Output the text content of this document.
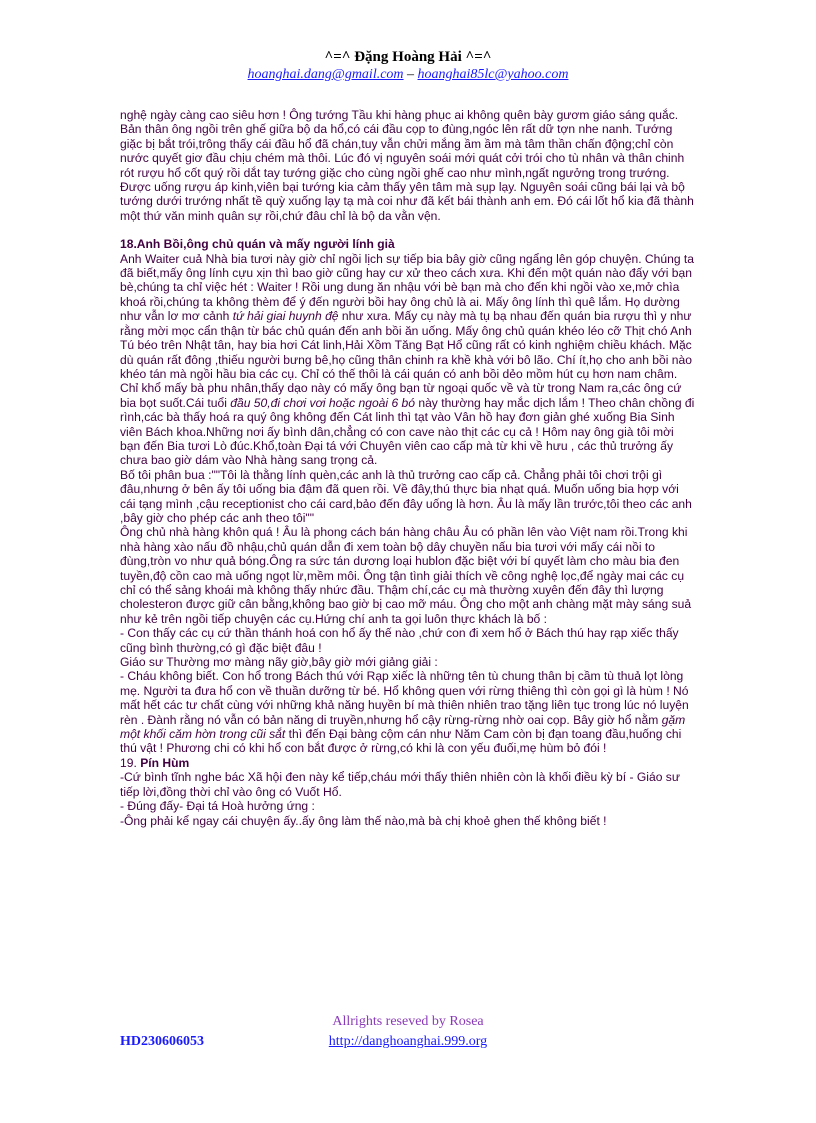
^=^ Đặng Hoàng Hải ^=^
hoanghai.dang@gmail.com – hoanghai85lc@yahoo.com

nghệ ngày càng cao siêu hơn ! Ông tướng Tầu khi hàng phục ai không quên bày gươm giáo sáng quắc. Bản thân ông ngồi trên ghế giữa bộ da hổ,có cái đầu cọp to đùng,ngóc lên rất dữ tợn nhe nanh. Tướng giặc bị bắt trói,trông thấy cái đầu hổ đã chán,tuy vẫn chửi mắng ầm ầm mà tâm thần chấn động;chỉ còn nước quyết giơ đầu chịu chém mà thôi. Lúc đó vị nguyên soái mới quát cởi trói cho tù nhân và thân chinh rót rượu hổ cốt quý rồi dắt tay tướng giặc cho cùng ngồi ghế cao như mình,ngất ngưởng trong trướng. Được uống rượu áp kinh,viên bại tướng kia cảm thấy yên tâm mà sụp lạy. Nguyên soái cũng bái lại và bộ tướng dưới trướng nhất tề quỳ xuống lạy tạ mà coi như đã kết bái thành anh em. Đó cái lốt hổ kia đã thành một thứ văn minh quân sự rồi,chứ đâu chỉ là bộ da vằn vện.

18.Anh Bồi,ông chủ quán và mấy người lính già

Anh Waiter cuả Nhà bia tươi này giờ chỉ ngồi lịch sự tiếp bia bây giờ cũng ngẩng lên góp chuyện. Chúng ta đã biết,mấy ông lính cựu xịn thì bao giờ cũng hay cư xử theo cách xưa. Khi đến một quán nào đấy với bạn bè,chúng ta chỉ việc hét : Waiter ! Rồi ung dung ăn nhậu với bè bạn mà cho đến khi ngồi vào xe,mở chìa khoá rồi,chúng ta không thèm để ý đến người bồi hay ông chủ là ai. Mấy ông lính thì quê lắm. Họ dường như vẫn lơ mơ cảnh tứ hải giai huynh đệ như xưa. Mấy cụ này mà tụ bạ nhau đến quán bia rượu thì y như rằng mời mọc cẩn thận từ bác chủ quán đến anh bồi ăn uống. Mấy ông chủ quán khéo léo cỡ Thịt chó Anh Tú béo trên Nhật tân, hay bia hơi Cát linh,Hải Xồm Tăng Bạt Hổ cũng rất có kinh nghiệm chiều khách. Mặc dù quán rất đông ,thiếu người bưng bê,họ cũng thân chinh ra khề khà với bô lão. Chí ít,họ cho anh bồi nào khéo tán mà ngồi hầu bia các cụ. Chỉ có thế thôi là cái quán có anh bồi dẻo mồm hút cụ hơn nam châm. Chỉ khổ mấy bà phu nhân,thấy dạo này có mấy ông bạn từ ngoại quốc về và từ trong Nam ra,các ông cứ bia bọt suốt.Cái tuổi đầu 50,đi chơi vơi hoặc ngoài 6 bó này thường hay mắc dịch lắm ! Theo chân chồng đi rình,các bà thấy hoá ra quý ông không đến Cát linh thì tạt vào Vân hồ hay đơn giản ghé xuống Bia Sinh viên Bách khoa.Những nơi ấy bình dân,chẳng có con cave nào thịt các cụ cả ! Hôm nay ông già tôi mời bạn đến Bia tươi Lò đúc.Khổ,toàn Đại tá với Chuyên viên cao cấp mà từ khi về hưu , các thủ trưởng ấy chưa bao giờ dám vào Nhà hàng sang trọng cả.

Bố tôi phân bua :""Tôi là thằng lính quèn,các anh là thủ trưởng cao cấp cả. Chẳng phải tôi chơi trội gì đâu,nhưng ở bên ấy tôi uống bia đậm đã quen rồi. Về đây,thú thực bia nhạt quá. Muốn uống bia hợp với cái tạng mình ,cậu receptionist cho cái card,bảo đến đây uống là hơn. Âu là mấy lần trước,tôi theo các anh ,bây giờ cho phép các anh theo tôi""

Ông chủ nhà hàng khôn quá ! Âu là phong cách bán hàng châu Âu có phần lên vào Việt nam rồi.Trong khi nhà hàng xào nấu đồ nhậu,chủ quán dẫn đi xem toàn bộ dây chuyền nấu bia tươi với mấy cái nồi to đùng,tròn vo như quả bóng.Ông ra sức tán dương loại hublon đặc biệt với bí quyết làm cho màu bia đen tuyền,độ cồn cao mà uống ngọt lừ,mềm môi. Ông tận tình giải thích về công nghệ lọc,để ngày mai các cụ chỉ có thể sảng khoái mà không thấy nhức đầu. Thậm chí,các cụ mà thường xuyên đến đây thì lượng cholesteron được giữ cân bằng,không bao giờ bị cao mỡ máu. Ông cho một anh chàng mặt mày sáng suả như kẻ trên ngồi tiếp chuyện các cụ.Hứng chí anh ta gọi luôn thực khách là bố :

- Con thấy các cụ cứ thần thánh hoá con hổ ấy thế nào ,chứ con đi xem hổ ở Bách thú hay rạp xiếc thấy cũng bình thường,có gì đặc biệt đâu !

Giáo sư Thường mơ màng nãy giờ,bây giờ mới giảng giải :

- Cháu không biết. Con hổ trong Bách thú với Rạp xiếc là những tên tù chung thân bị cầm tù thuả lọt lòng mẹ. Người ta đưa hổ con về thuần dưỡng từ bé. Hổ không quen với rừng thiêng thì còn gọi gì là hùm ! Nó mất hết các tư chất cùng với những khả năng huyền bí mà thiên nhiên trao tặng liên tục trong lúc nó luyện rèn . Đành rằng nó vẫn có bản năng di truyền,nhưng hổ cậy rừng-rừng nhờ oai cọp. Bây giờ hổ nằm gặm một khối căm hờn trong cũi sắt thì đến Đại bàng cộm cán như Năm Cam còn bị đạn toang đầu,huống chi thú vật ! Phương chi có khi hổ con bắt được ở rừng,có khi là con yếu đuối,mẹ hùm bỏ đói !

19. Pín Hùm

-Cứ bình tĩnh nghe bác Xã hội đen này kể tiếp,cháu mới thấy thiên nhiên còn là khối điều kỳ bí - Giáo sư tiếp lời,đồng thời chỉ vào ông có Vuốt Hổ.

- Đúng đấy- Đại tá Hoà hưởng ứng :

-Ông phải kể ngay cái chuyện ấy..ấy ông làm thế nào,mà bà chị khoẻ ghen thế không biết !

Allrights reseved by Rosea
HD230606053	http://danghoanghai.999.org
